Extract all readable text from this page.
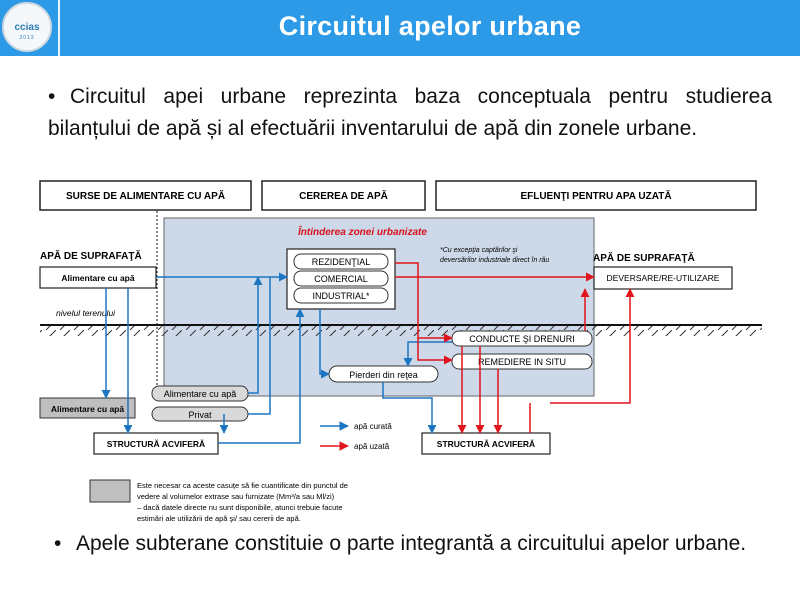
ccias
2013	Circuitul apelor urbane
• Circuitul apei urbane reprezinta baza conceptuala pentru studierea bilanțului de apă și al efectuării inventarului de apă din zonele urbane.
SURSE DE ALIMENTARE CU APĂ	CEREREA DE APĂ	EFLUENŢI PENTRU APA UZATĂ
Întinderea zonei urbanizate
*Cu excepţia captărilor şi
deversărilor industriale direct în râu
nivelul terenului
APĂ DE SUPRAFAŢĂ
Alimentare cu apă
REZIDENŢIAL
COMERCIAL
INDUSTRIAL*
APĂ DE SUPRAFAŢĂ
DEVERSARE/RE-UTILIZARE
CONDUCTE ŞI DRENURI
REMEDIERE IN SITU
Pierderi din reţea
Alimentare cu apă
Alimentare cu apă
Privat
STRUCTURĂ ACVIFERĂ	STRUCTURĂ ACVIFERĂ
apă curată
apă uzată
Este necesar ca aceste casuțe să fie cuantificate din punctul de
vedere al volumelor extrase sau furnizate (Mm³/a sau Ml/zi)
– dacă datele directe nu sunt disponibile, atunci trebuie facute
estimări ale utilizării de apă şi/ sau cererii de apă.
• Apele subterane constituie o parte integrantă a circuitului apelor urbane.
